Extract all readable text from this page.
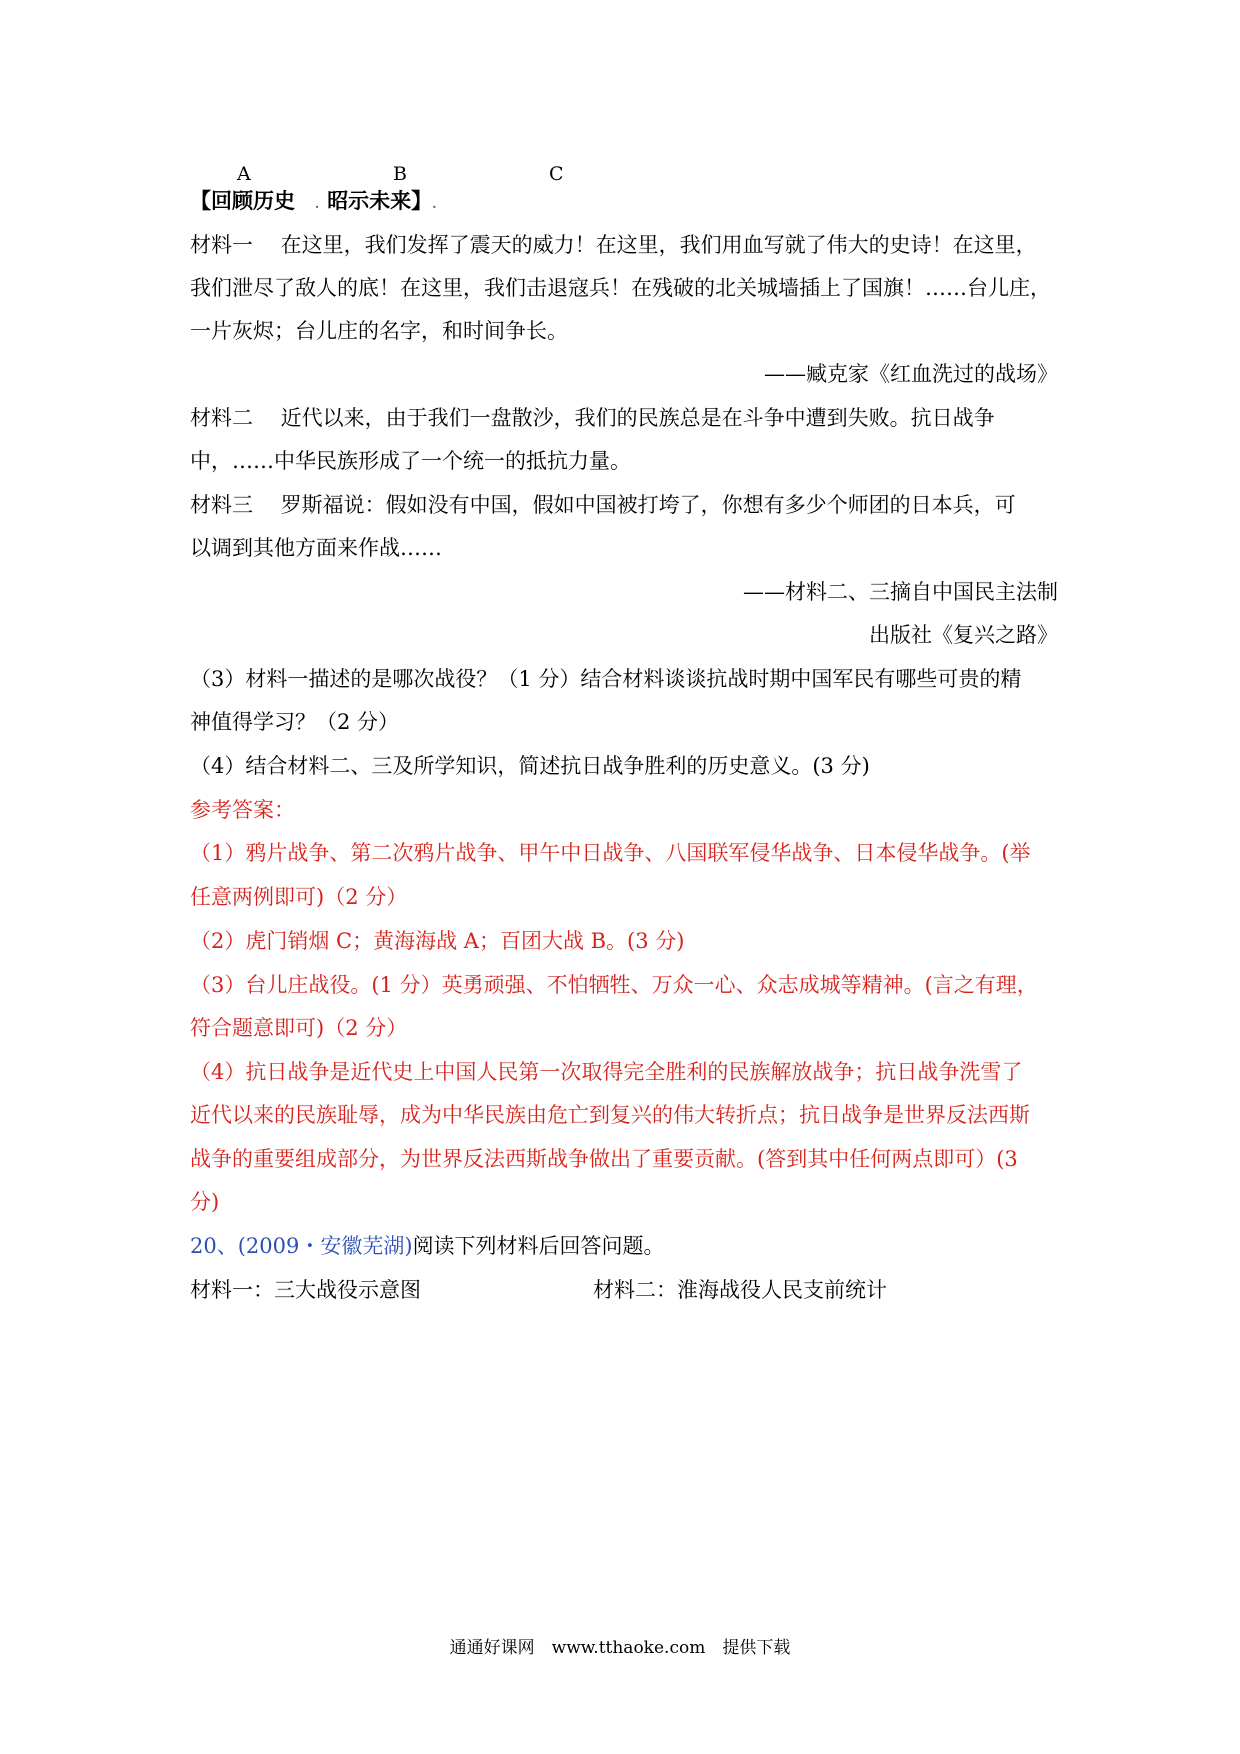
A	B	C
【回顾历史 . 昭示未来】.
材料一　 在这里，我们发挥了震天的威力！在这里，我们用血写就了伟大的史诗！在这里，
我们泄尽了敌人的底！在这里，我们击退寇兵！在残破的北关城墙插上了国旗！……台儿庄，
一片灰烬；台儿庄的名字，和时间争长。
——臧克家《红血洗过的战场》
材料二　 近代以来，由于我们一盘散沙，我们的民族总是在斗争中遭到失败。抗日战争
中，……中华民族形成了一个统一的抵抗力量。
材料三　 罗斯福说：假如没有中国，假如中国被打垮了，你想有多少个师团的日本兵，可
以调到其他方面来作战……
——材料二、三摘自中国民主法制
出版社《复兴之路》
（3）材料一描述的是哪次战役？（1 分）结合材料谈谈抗战时期中国军民有哪些可贵的精
神值得学习？（2 分）
（4）结合材料二、三及所学知识，简述抗日战争胜利的历史意义。(3 分)
参考答案：
（1）鸦片战争、第二次鸦片战争、甲午中日战争、八国联军侵华战争、日本侵华战争。(举
任意两例即可)（2 分）
（2）虎门销烟 C；黄海海战 A；百团大战 B。(3 分)
（3）台儿庄战役。(1 分）英勇顽强、不怕牺牲、万众一心、众志成城等精神。(言之有理，
符合题意即可)（2 分）
（4）抗日战争是近代史上中国人民第一次取得完全胜利的民族解放战争；抗日战争洗雪了
近代以来的民族耻辱，成为中华民族由危亡到复兴的伟大转折点；抗日战争是世界反法西斯
战争的重要组成部分，为世界反法西斯战争做出了重要贡献。(答到其中任何两点即可）(3
分)
20、(2009・安徽芜湖)阅读下列材料后回答问题。
材料一：三大战役示意图	材料二：淮海战役人民支前统计
通通好课网　www.tthaoke.com　提供下载
